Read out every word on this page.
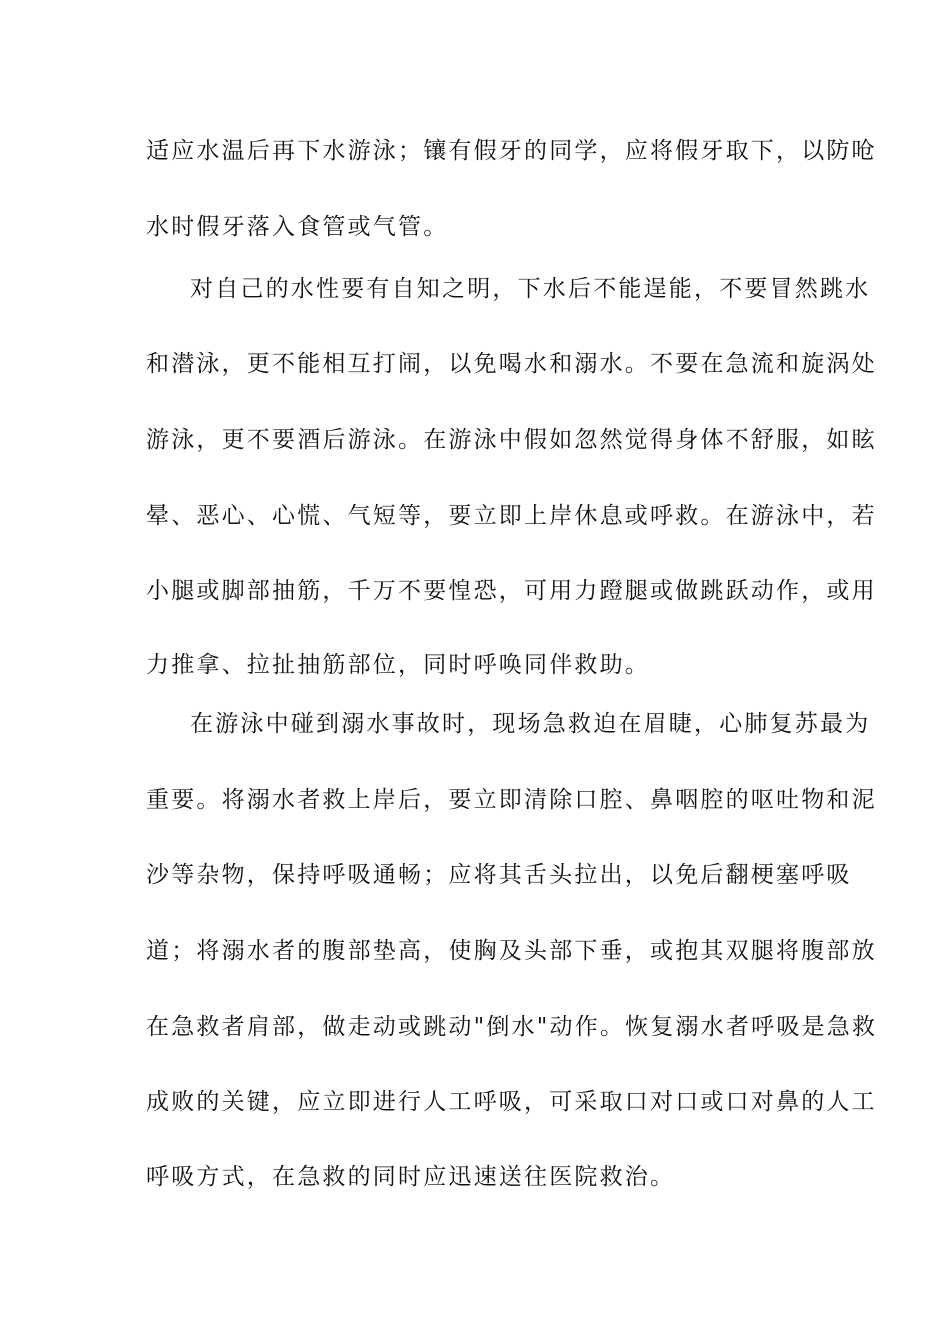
适应水温后再下水游泳；镶有假牙的同学，应将假牙取下，以防呛
水时假牙落入食管或气管。
对自己的水性要有自知之明，下水后不能逞能，不要冒然跳水
和潜泳，更不能相互打闹，以免喝水和溺水。不要在急流和旋涡处
游泳，更不要酒后游泳。在游泳中假如忽然觉得身体不舒服，如眩
晕、恶心、心慌、气短等，要立即上岸休息或呼救。在游泳中，若
小腿或脚部抽筋，千万不要惶恐，可用力蹬腿或做跳跃动作，或用
力推拿、拉扯抽筋部位，同时呼唤同伴救助。
在游泳中碰到溺水事故时，现场急救迫在眉睫，心肺复苏最为
重要。将溺水者救上岸后，要立即清除口腔、鼻咽腔的呕吐物和泥
沙等杂物，保持呼吸通畅；应将其舌头拉出，以免后翻梗塞呼吸
道；将溺水者的腹部垫高，使胸及头部下垂，或抱其双腿将腹部放
在急救者肩部，做走动或跳动"倒水"动作。恢复溺水者呼吸是急救
成败的关键，应立即进行人工呼吸，可采取口对口或口对鼻的人工
呼吸方式，在急救的同时应迅速送往医院救治。
